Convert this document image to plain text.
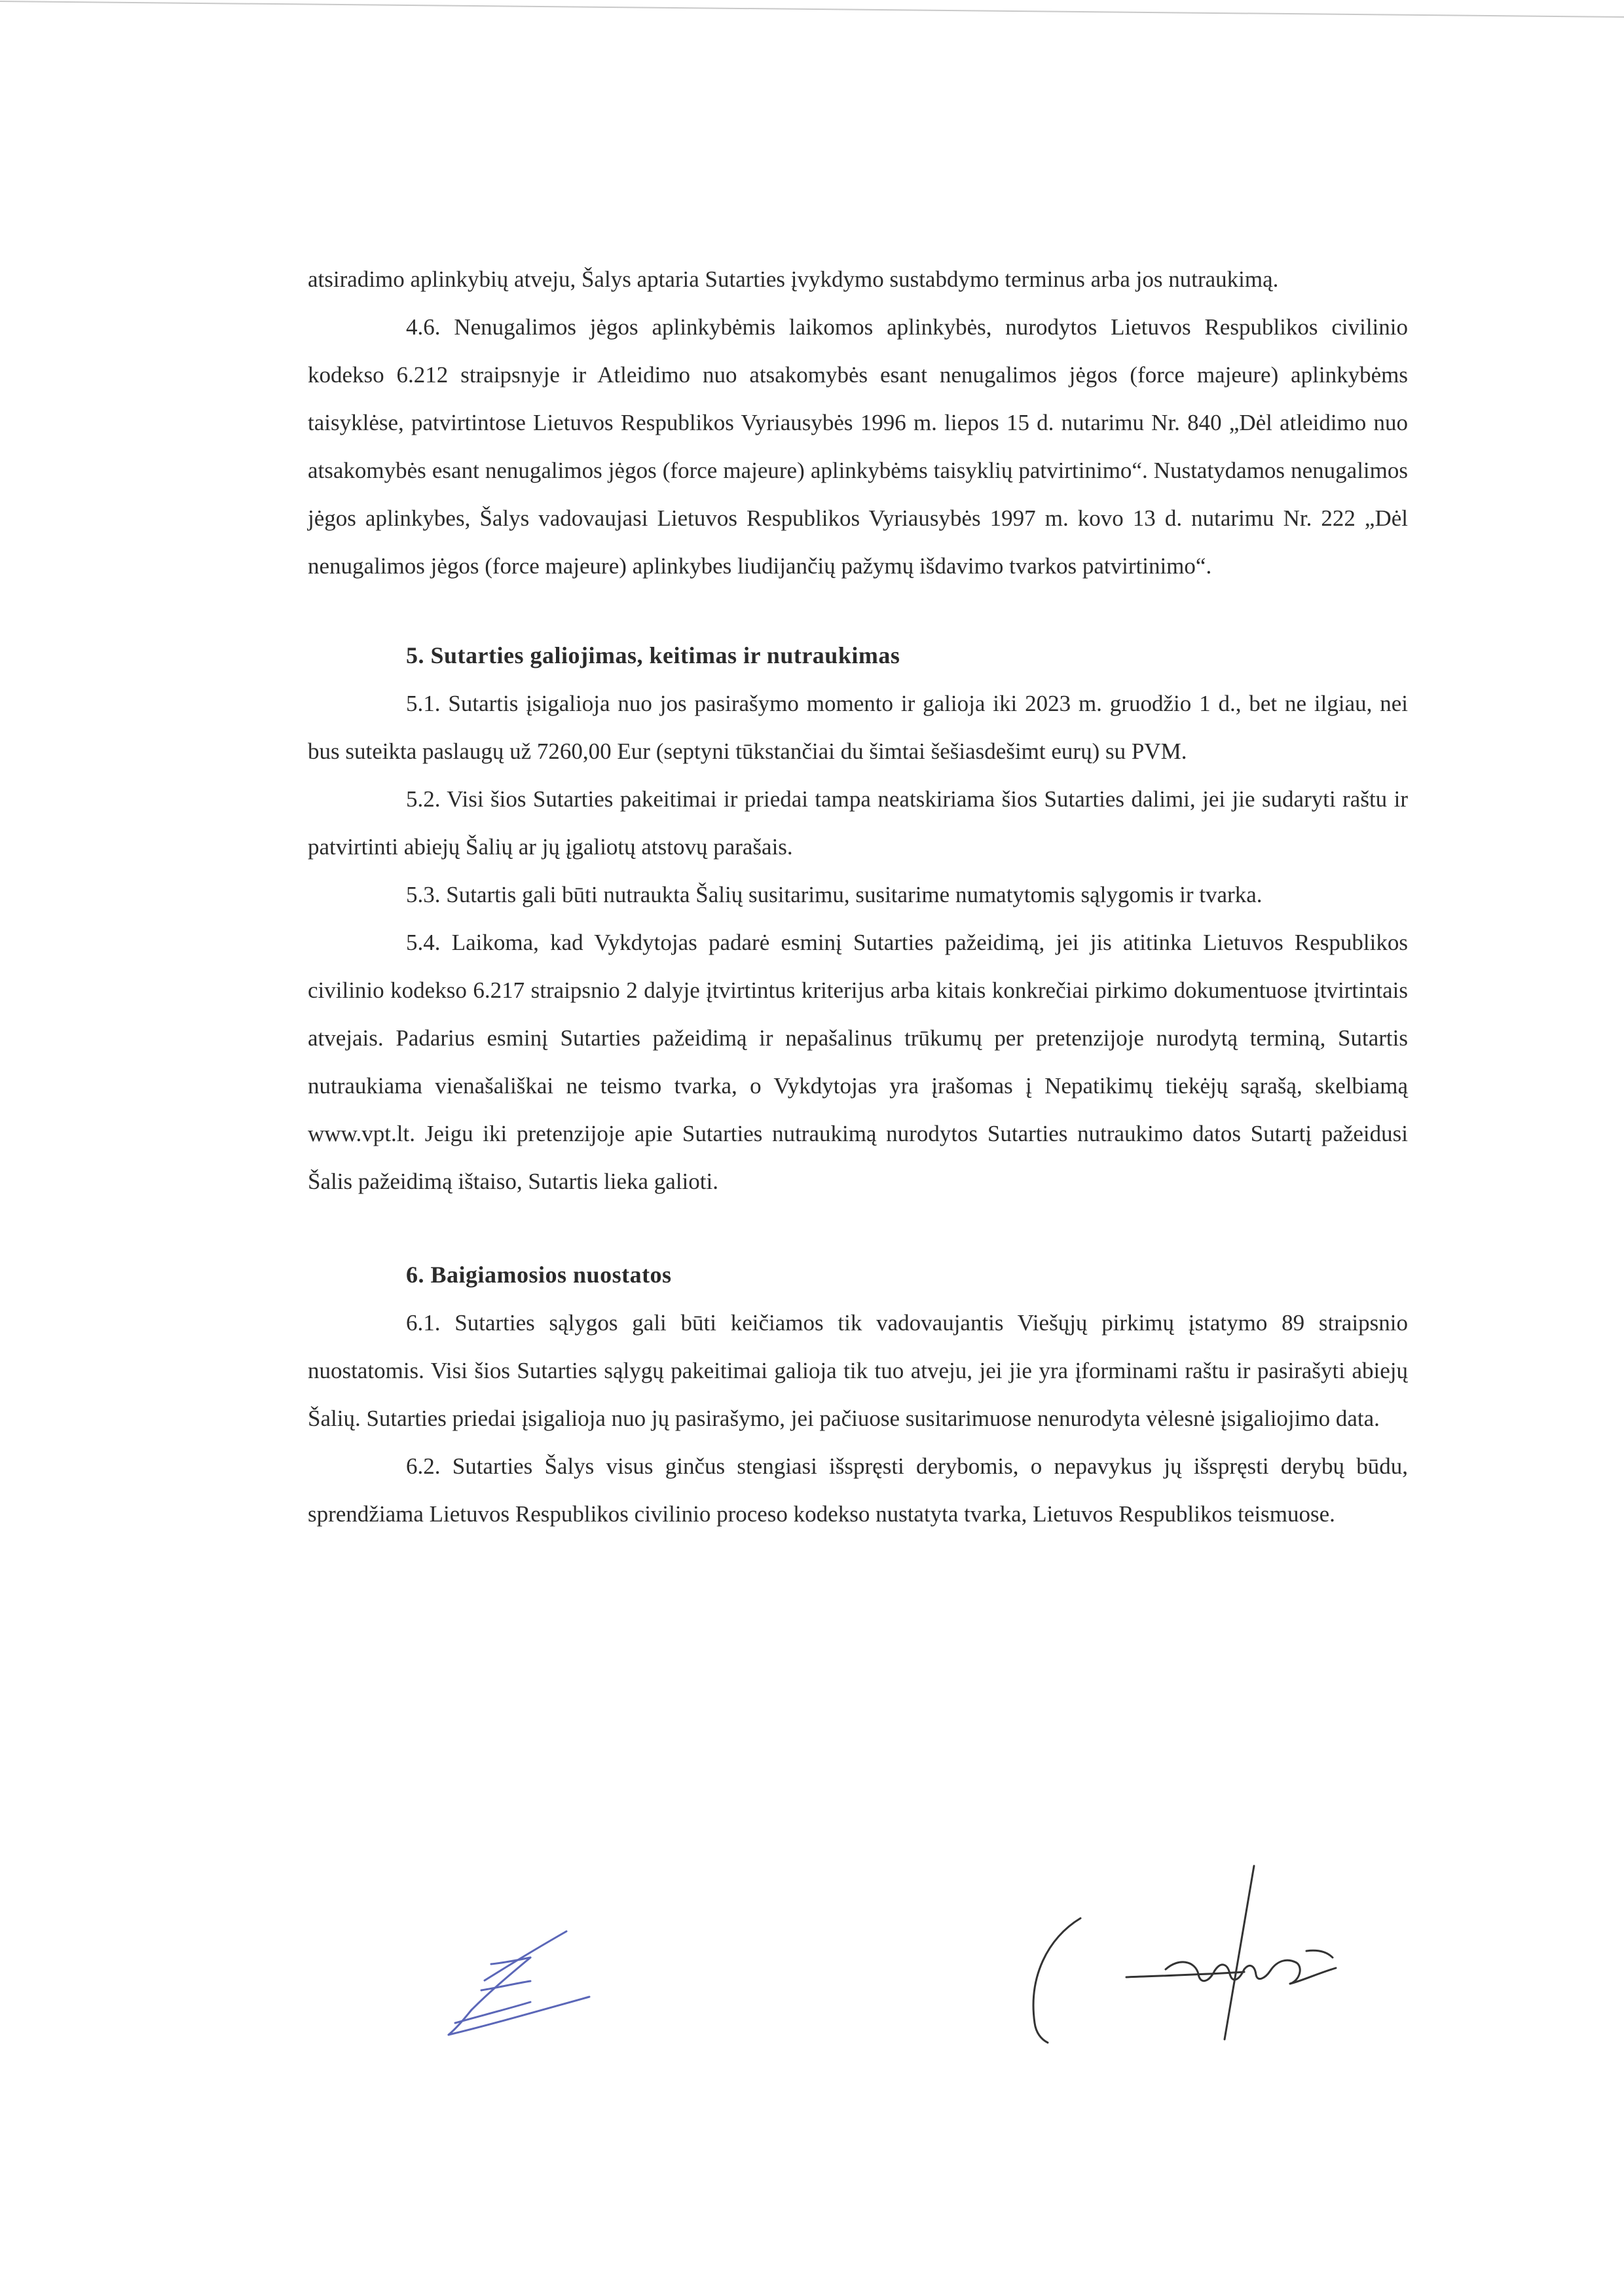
atsiradimo aplinkybių atveju, Šalys aptaria Sutarties įvykdymo sustabdymo terminus arba jos nutraukimą.

4.6. Nenugalimos jėgos aplinkybėmis laikomos aplinkybės, nurodytos Lietuvos Respublikos civilinio kodekso 6.212 straipsnyje ir Atleidimo nuo atsakomybės esant nenugalimos jėgos (force majeure) aplinkybėms taisyklėse, patvirtintose Lietuvos Respublikos Vyriausybės 1996 m. liepos 15 d. nutarimu Nr. 840 „Dėl atleidimo nuo atsakomybės esant nenugalimos jėgos (force majeure) aplinkybėms taisyklių patvirtinimo“. Nustatydamos nenugalimos jėgos aplinkybes, Šalys vadovaujasi Lietuvos Respublikos Vyriausybės 1997 m. kovo 13 d. nutarimu Nr. 222 „Dėl nenugalimos jėgos (force majeure) aplinkybes liudijančių pažymų išdavimo tvarkos patvirtinimo“.

5. Sutarties galiojimas, keitimas ir nutraukimas

5.1. Sutartis įsigalioja nuo jos pasirašymo momento ir galioja iki 2023 m. gruodžio 1 d., bet ne ilgiau, nei bus suteikta paslaugų už 7260,00 Eur (septyni tūkstančiai du šimtai šešiasdešimt eurų) su PVM.

5.2. Visi šios Sutarties pakeitimai ir priedai tampa neatskiriama šios Sutarties dalimi, jei jie sudaryti raštu ir patvirtinti abiejų Šalių ar jų įgaliotų atstovų parašais.

5.3. Sutartis gali būti nutraukta Šalių susitarimu, susitarime numatytomis sąlygomis ir tvarka.

5.4. Laikoma, kad Vykdytojas padarė esminį Sutarties pažeidimą, jei jis atitinka Lietuvos Respublikos civilinio kodekso 6.217 straipsnio 2 dalyje įtvirtintus kriterijus arba kitais konkrečiai pirkimo dokumentuose įtvirtintais atvejais. Padarius esminį Sutarties pažeidimą ir nepašalinus trūkumų per pretenzijoje nurodytą terminą, Sutartis nutraukiama vienašališkai ne teismo tvarka, o Vykdytojas yra įrašomas į Nepatikimų tiekėjų sąrašą, skelbiamą www.vpt.lt. Jeigu iki pretenzijoje apie Sutarties nutraukimą nurodytos Sutarties nutraukimo datos Sutartį pažeidusi Šalis pažeidimą ištaiso, Sutartis lieka galioti.

6. Baigiamosios nuostatos

6.1. Sutarties sąlygos gali būti keičiamos tik vadovaujantis Viešųjų pirkimų įstatymo 89 straipsnio nuostatomis. Visi šios Sutarties sąlygų pakeitimai galioja tik tuo atveju, jei jie yra įforminami raštu ir pasirašyti abiejų Šalių. Sutarties priedai įsigalioja nuo jų pasirašymo, jei pačiuose susitarimuose nenurodyta vėlesnė įsigaliojimo data.

6.2. Sutarties Šalys visus ginčus stengiasi išspręsti derybomis, o nepavykus jų išspręsti derybų būdu, sprendžiama Lietuvos Respublikos civilinio proceso kodekso nustatyta tvarka, Lietuvos Respublikos teismuose.
